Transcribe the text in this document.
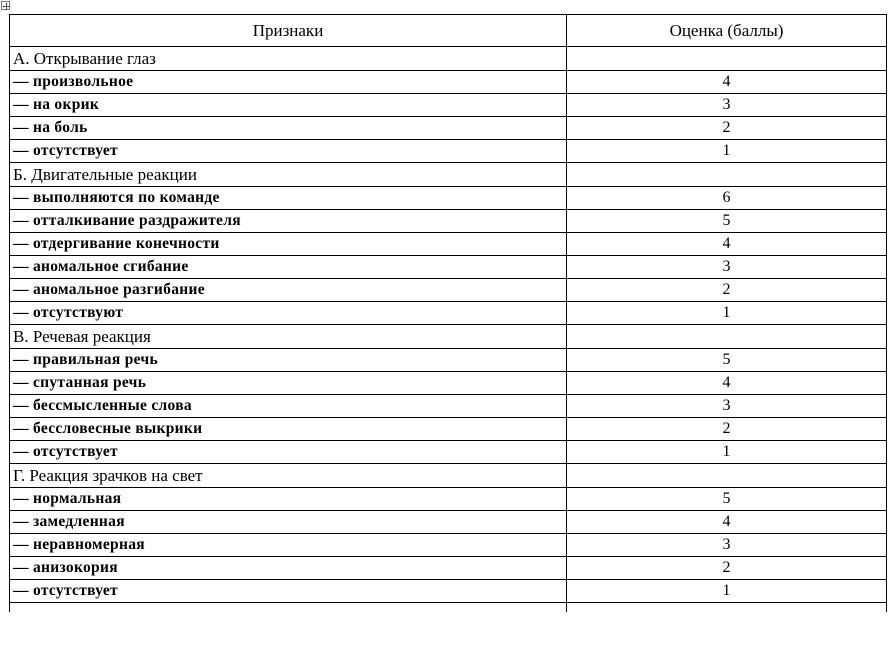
Признаки	Оценка (баллы)
А. Открывание глаз	
— произвольное	4
— на окрик	3
— на боль	2
— отсутствует	1
Б. Двигательные реакции	
— выполняются по команде	6
— отталкивание раздражителя	5
— отдергивание конечности	4
— аномальное сгибание	3
— аномальное разгибание	2
— отсутствуют	1
В. Речевая реакция	
— правильная речь	5
— спутанная речь	4
— бессмысленные слова	3
— бессловесные выкрики	2
— отсутствует	1
Г. Реакция зрачков на свет	
— нормальная	5
— замедленная	4
— неравномерная	3
— анизокория	2
— отсутствует	1
